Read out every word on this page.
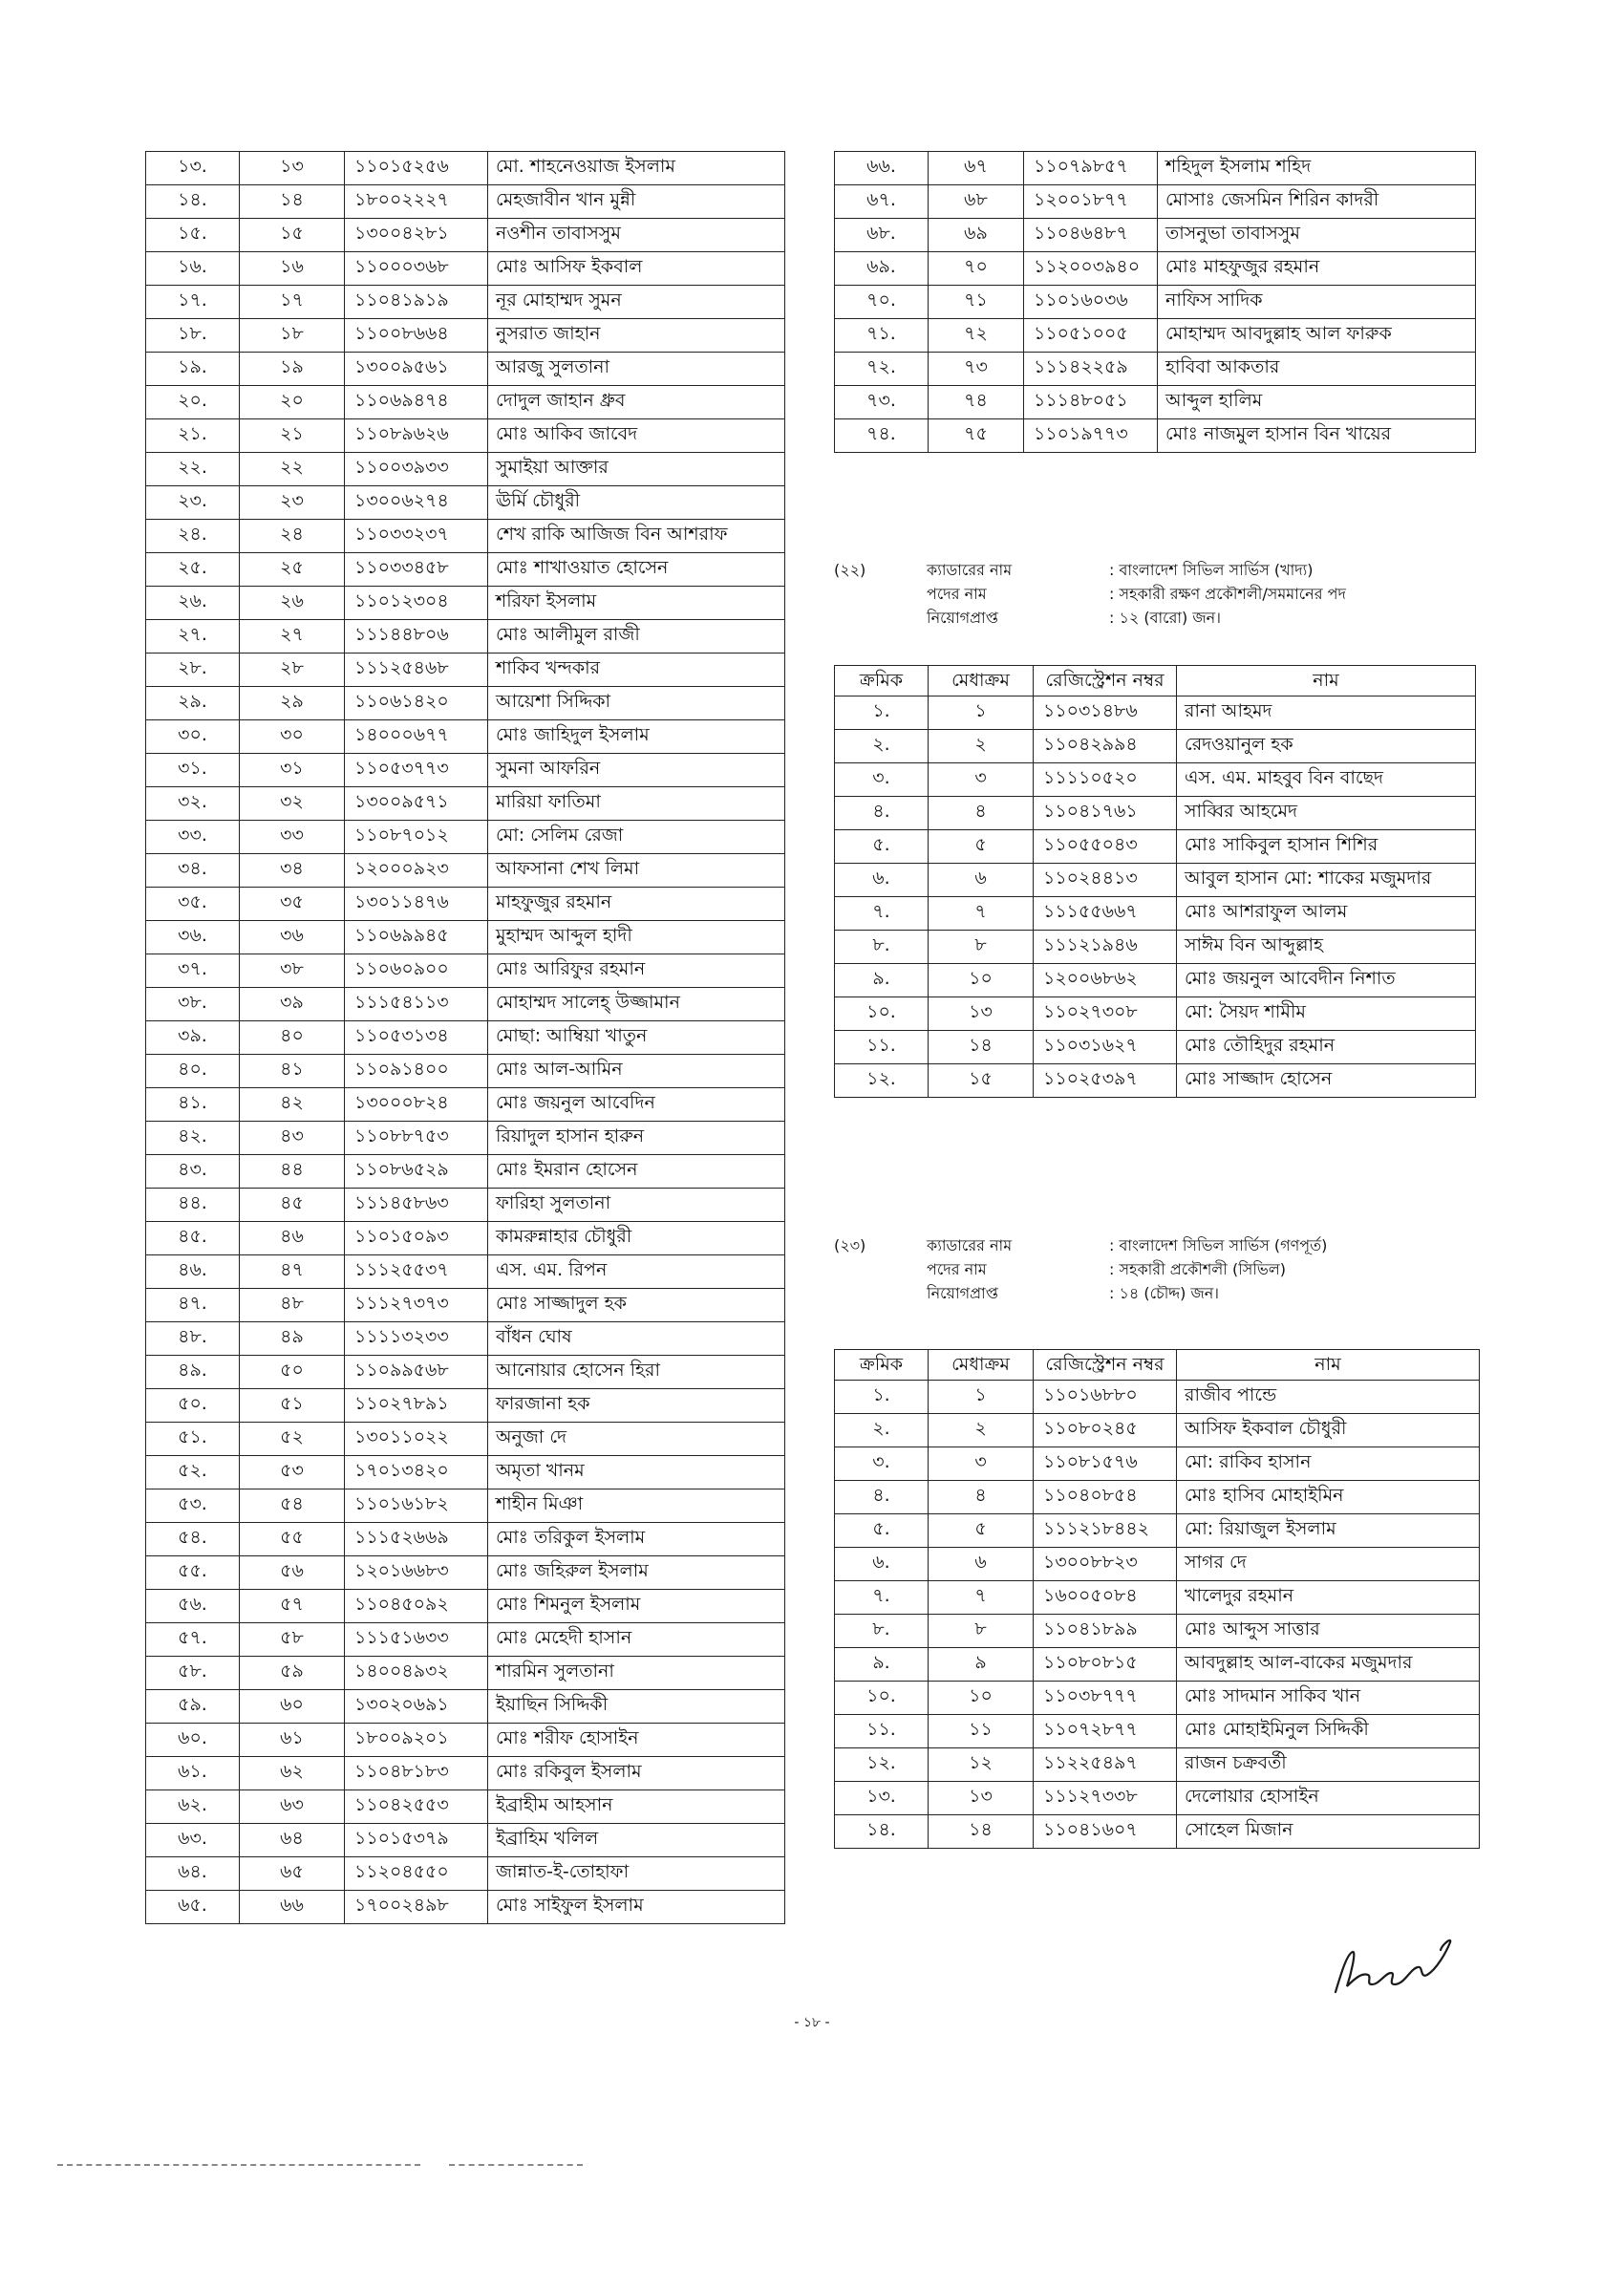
১৩.	১৩	১১০১৫২৫৬	মো. শাহনেওয়াজ ইসলাম
১৪.	১৪	১৮০০২২২৭	মেহজাবীন খান মুন্নী
১৫.	১৫	১৩০০৪২৮১	নওশীন তাবাসসুম
১৬.	১৬	১১০০০৩৬৮	মোঃ আসিফ ইকবাল
১৭.	১৭	১১০৪১৯১৯	নূর মোহাম্মদ সুমন
১৮.	১৮	১১০০৮৬৬৪	নুসরাত জাহান
১৯.	১৯	১৩০০৯৫৬১	আরজু সুলতানা
২০.	২০	১১০৬৯৪৭৪	দোদুল জাহান ধ্রুব
২১.	২১	১১০৮৯৬২৬	মোঃ আকিব জাবেদ
২২.	২২	১১০০৩৯৩৩	সুমাইয়া আক্তার
২৩.	২৩	১৩০০৬২৭৪	ঊর্মি চৌধুরী
২৪.	২৪	১১০৩৩২৩৭	শেখ রাকি আজিজ বিন আশরাফ
২৫.	২৫	১১০৩৩৪৫৮	মোঃ শাখাওয়াত হোসেন
২৬.	২৬	১১০১২৩০৪	শরিফা ইসলাম
২৭.	২৭	১১১৪৪৮০৬	মোঃ আলীমুল রাজী
২৮.	২৮	১১১২৫৪৬৮	শাকিব খন্দকার
২৯.	২৯	১১০৬১৪২০	আয়েশা সিদ্দিকা
৩০.	৩০	১৪০০০৬৭৭	মোঃ জাহিদুল ইসলাম
৩১.	৩১	১১০৫৩৭৭৩	সুমনা আফরিন
৩২.	৩২	১৩০০৯৫৭১	মারিয়া ফাতিমা
৩৩.	৩৩	১১০৮৭০১২	মো: সেলিম রেজা
৩৪.	৩৪	১২০০০৯২৩	আফসানা শেখ লিমা
৩৫.	৩৫	১৩০১১৪৭৬	মাহফুজুর রহমান
৩৬.	৩৬	১১০৬৯৯৪৫	মুহাম্মদ আব্দুল হাদী
৩৭.	৩৮	১১০৬০৯০০	মোঃ আরিফুর রহমান
৩৮.	৩৯	১১১৫৪১১৩	মোহাম্মদ সালেহ্ উজ্জামান
৩৯.	৪০	১১০৫৩১৩৪	মোছা: আম্বিয়া খাতুন
৪০.	৪১	১১০৯১৪০০	মোঃ আল-আমিন
৪১.	৪২	১৩০০০৮২৪	মোঃ জয়নুল আবেদিন
৪২.	৪৩	১১০৮৮৭৫৩	রিয়াদুল হাসান হারুন
৪৩.	৪৪	১১০৮৬৫২৯	মোঃ ইমরান হোসেন
৪৪.	৪৫	১১১৪৫৮৬৩	ফারিহা সুলতানা
৪৫.	৪৬	১১০১৫০৯৩	কামরুন্নাহার চৌধুরী
৪৬.	৪৭	১১১২৫৫৩৭	এস. এম. রিপন
৪৭.	৪৮	১১১২৭৩৭৩	মোঃ সাজ্জাদুল হক
৪৮.	৪৯	১১১১৩২৩৩	বাঁধন ঘোষ
৪৯.	৫০	১১০৯৯৫৬৮	আনোয়ার হোসেন হিরা
৫০.	৫১	১১০২৭৮৯১	ফারজানা হক
৫১.	৫২	১৩০১১০২২	অনুজা দে
৫২.	৫৩	১৭০১৩৪২০	অমৃতা খানম
৫৩.	৫৪	১১০১৬১৮২	শাহীন মিঞা
৫৪.	৫৫	১১১৫২৬৬৯	মোঃ তরিকুল ইসলাম
৫৫.	৫৬	১২০১৬৬৮৩	মোঃ জহিরুল ইসলাম
৫৬.	৫৭	১১০৪৫০৯২	মোঃ শিমনুল ইসলাম
৫৭.	৫৮	১১১৫১৬৩৩	মোঃ মেহেদী হাসান
৫৮.	৫৯	১৪০০৪৯৩২	শারমিন সুলতানা
৫৯.	৬০	১৩০২০৬৯১	ইয়াছিন সিদ্দিকী
৬০.	৬১	১৮০০৯২০১	মোঃ শরীফ হোসাইন
৬১.	৬২	১১০৪৮১৮৩	মোঃ রকিবুল ইসলাম
৬২.	৬৩	১১০৪২৫৫৩	ইব্রাহীম আহসান
৬৩.	৬৪	১১০১৫৩৭৯	ইব্রাহিম খলিল
৬৪.	৬৫	১১২০৪৫৫০	জান্নাত-ই-তোহাফা
৬৫.	৬৬	১৭০০২৪৯৮	মোঃ সাইফুল ইসলাম
৬৬.	৬৭	১১০৭৯৮৫৭	শহিদুল ইসলাম শহিদ
৬৭.	৬৮	১২০০১৮৭৭	মোসাঃ জেসমিন শিরিন কাদরী
৬৮.	৬৯	১১০৪৬৪৮৭	তাসনুভা তাবাসসুম
৬৯.	৭০	১১২০০৩৯৪০	মোঃ মাহফুজুর রহমান
৭০.	৭১	১১০১৬০৩৬	নাফিস সাদিক
৭১.	৭২	১১০৫১০০৫	মোহাম্মদ আবদুল্লাহ আল ফারুক
৭২.	৭৩	১১১৪২২৫৯	হাবিবা আকতার
৭৩.	৭৪	১১১৪৮০৫১	আব্দুল হালিম
৭৪.	৭৫	১১০১৯৭৭৩	মোঃ নাজমুল হাসান বিন খায়ের
(২২)	ক্যাডারের নাম	: বাংলাদেশ সিভিল সার্ভিস (খাদ্য)
পদের নাম	: সহকারী রক্ষণ প্রকৌশলী/সমমানের পদ
নিয়োগপ্রাপ্ত	: ১২ (বারো) জন।
ক্রমিক	মেধাক্রম	রেজিস্ট্রেশন নম্বর	নাম
১.	১	১১০৩১৪৮৬	রানা আহমদ
২.	২	১১০৪২৯৯৪	রেদওয়ানুল হক
৩.	৩	১১১১০৫২০	এস. এম. মাহবুব বিন বাছেদ
৪.	৪	১১০৪১৭৬১	সাব্বির আহমেদ
৫.	৫	১১০৫৫০৪৩	মোঃ সাকিবুল হাসান শিশির
৬.	৬	১১০২৪৪১৩	আবুল হাসান মো: শাকের মজুমদার
৭.	৭	১১১৫৫৬৬৭	মোঃ আশরাফুল আলম
৮.	৮	১১১২১৯৪৬	সাঈম বিন আব্দুল্লাহ
৯.	১০	১২০০৬৮৬২	মোঃ জয়নুল আবেদীন নিশাত
১০.	১৩	১১০২৭৩০৮	মো: সৈয়দ শামীম
১১.	১৪	১১০৩১৬২৭	মোঃ তৌহিদুর রহমান
১২.	১৫	১১০২৫৩৯৭	মোঃ সাজ্জাদ হোসেন
(২৩)	ক্যাডারের নাম	: বাংলাদেশ সিভিল সার্ভিস (গণপূর্ত)
পদের নাম	: সহকারী প্রকৌশলী (সিভিল)
নিয়োগপ্রাপ্ত	: ১৪ (চৌদ্দ) জন।
ক্রমিক	মেধাক্রম	রেজিস্ট্রেশন নম্বর	নাম
১.	১	১১০১৬৮৮০	রাজীব পান্ডে
২.	২	১১০৮০২৪৫	আসিফ ইকবাল চৌধুরী
৩.	৩	১১০৮১৫৭৬	মো: রাকিব হাসান
৪.	৪	১১০৪০৮৫৪	মোঃ হাসিব মোহাইমিন
৫.	৫	১১১২১৮৪৪২	মো: রিয়াজুল ইসলাম
৬.	৬	১৩০০৮৮২৩	সাগর দে
৭.	৭	১৬০০৫০৮৪	খালেদুর রহমান
৮.	৮	১১০৪১৮৯৯	মোঃ আব্দুস সাত্তার
৯.	৯	১১০৮০৮১৫	আবদুল্লাহ আল-বাকের মজুমদার
১০.	১০	১১০৩৮৭৭৭	মোঃ সাদমান সাকিব খান
১১.	১১	১১০৭২৮৭৭	মোঃ মোহাইমিনুল সিদ্দিকী
১২.	১২	১১২২৫৪৯৭	রাজন চক্রবর্তী
১৩.	১৩	১১১২৭৩৩৮	দেলোয়ার হোসাইন
১৪.	১৪	১১০৪১৬০৭	সোহেল মিজান
- ১৮ -
